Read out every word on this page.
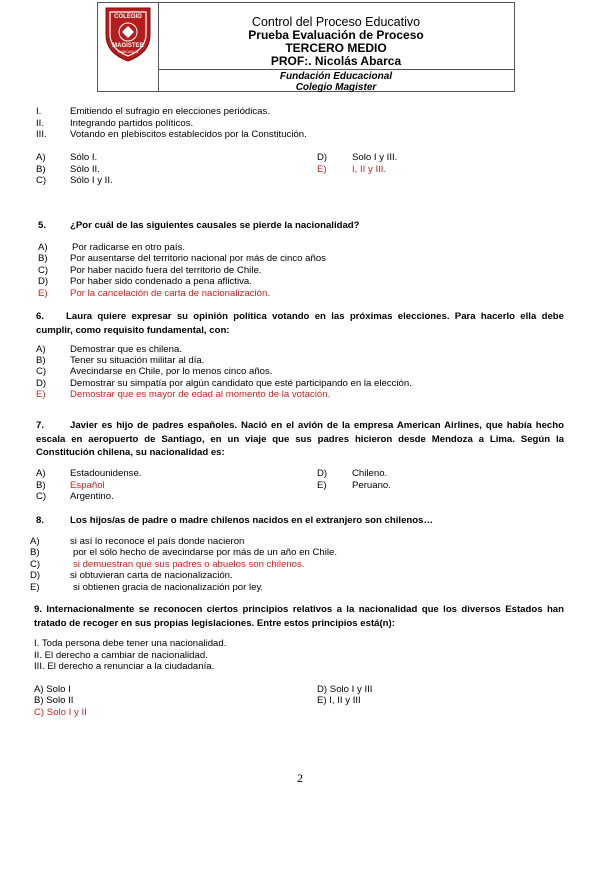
COLEGIO
MAGISTER
RANCAGUA
Control del Proceso Educativo
Prueba Evaluación de Proceso
TERCERO MEDIO
PROF:. Nicolás Abarca
Fundación Educacional
Colegio Magister
I.	Emitiendo el sufragio en elecciones periódicas.
II.	Integrando partidos políticos.
III. Votando en plebiscitos establecidos por la Constitución.
A)	Sólo I.
B)	Sólo II.
C) Sólo I y II.
D)	Solo I y III.
E)	I, II y III.
5. ¿Por cuál de las siguientes causales se pierde la nacionalidad?
A)	Por radicarse en otro país.
B) Por ausentarse del territorio nacional por más de cinco años
C) Por haber nacido fuera del territorio de Chile.
D) Por haber sido condenado a pena aflictiva.
E) Por la cancelación de carta de nacionalización.
6. Laura quiere expresar su opinión política votando en las próximas elecciones. Para hacerlo ella debe cumplir, como requisito fundamental, con:
A)	Demostrar que es chilena.
B)	Tener su situación militar al día.
C) Avecindarse en Chile, por lo menos cinco años.
D) Demostrar su simpatía por algún candidato que esté participando en la elección.
E)	Demostrar que es mayor de edad al momento de la votación.
7.	Javier es hijo de padres españoles. Nació en el avión de la empresa American Airlines, que había hecho escala en aeropuerto de Santiago, en un viaje que sus padres hicieron desde Mendoza a Lima. Según la Constitución chilena, su nacionalidad es:
A)	Estadounidense.
B)	Español
C) Argentino.
D)	Chileno.
E)	Peruano.
8.	Los hijos/as de padre o madre chilenos nacidos en el extranjero son chilenos…
A)	si así lo reconoce el país donde nacieron
B)	por el sólo hecho de avecindarse por más de un año en Chile.
C)	si demuestran que sus padres o abuelos son chilenos.
D)	si obtuvieran carta de nacionalización.
E)	si obtienen gracia de nacionalización por ley.
9. Internacionalmente se reconocen ciertos principios relativos a la nacionalidad que los diversos Estados han tratado de recoger en sus propias legislaciones. Entre estos principios está(n):
I. Toda persona debe tener una nacionalidad.
II. El derecho a cambiar de nacionalidad.
III. El derecho a renunciar a la ciudadanía.
A) Solo I
B) Solo II
C) Solo I y II
D) Solo I y III
E) I, II y III
2
